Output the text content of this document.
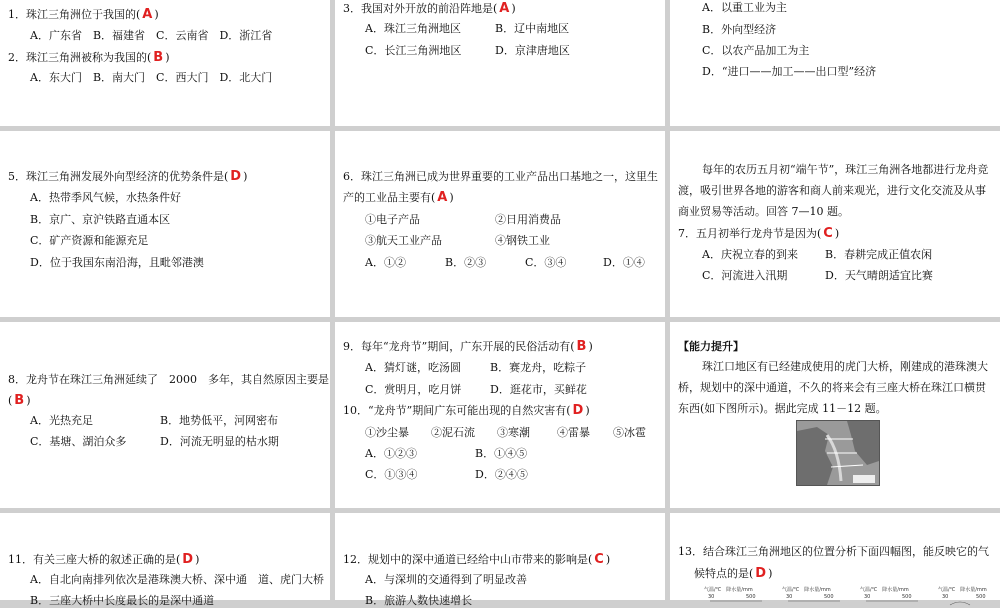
1．珠江三角洲位于我国的( A )
A．广东省　B．福建省　C．云南省　D．浙江省
2．珠江三角洲被称为我国的( B )
A．东大门　B．南大门　C．西大门　D．北大门
3．我国对外开放的前沿阵地是( A )
A．珠江三角洲地区	B．辽中南地区
C．长江三角洲地区	D．京津唐地区
A．以重工业为主
B．外向型经济
C．以农产品加工为主
D．“进口——加工——出口型”经济
5．珠江三角洲发展外向型经济的优势条件是( D )
A．热带季风气候，水热条件好
B．京广、京沪铁路直通本区
C．矿产资源和能源充足
D．位于我国东南沿海，且毗邻港澳
6．珠江三角洲已成为世界重要的工业产品出口基地之一，这里生
产的工业品主要有( A )
①电子产品	②日用消费品
③航天工业产品	④钢铁工业
A．①②	B．②③	C．③④	D．①④
每年的农历五月初“端午节”，珠江三角洲各地都进行龙舟竞渡，吸引世界各地的游客和商人前来观光，进行文化交流及从事商业贸易等活动。回答 7—10 题。
7．五月初举行龙舟节是因为( C )
A．庆祝立春的到来 B．春耕完成正值农闲
C．河流进入汛期	D．天气晴朗适宜比赛
8．龙舟节在珠江三角洲延续了　2000　多年，其自然原因主要是
( B )
A．光热充足	B．地势低平，河网密布
C．基塘、湖泊众多	D．河流无明显的枯水期
9．每年“龙舟节”期间，广东开展的民俗活动有( B )
A．猜灯谜，吃汤圆	B．赛龙舟，吃粽子
C．赏明月，吃月饼	D．逛花市，买鲜花
10．“龙舟节”期间广东可能出现的自然灾害有( D )
①沙尘暴 ②泥石流 ③寒潮 ④雷暴 ⑤冰雹
A．①②③	B．①④⑤
C．①③④	D．②④⑤
【能力提升】
珠江口地区有已经建成使用的虎门大桥，刚建成的港珠澳大桥，规划中的深中通道，不久的将来会有三座大桥在珠江口横贯东西(如下图所示)。据此完成 11－12 题。
11．有关三座大桥的叙述正确的是( D )
A．自北向南排列依次是港珠澳大桥、深中通　道、虎门大桥
B．三座大桥中长度最长的是深中通道
12．规划中的深中通道已经给中山市带来的影响是( C )
A．与深圳的交通得到了明显改善
B．旅游人数快速增长
13．结合珠江三角洲地区的位置分析下面四幅图，能反映它的气
候特点的是( D )
气温/℃　降水量/mm	气温/℃　降水量/mm	气温/℃　降水量/mm	气温/℃　降水量/mm
30	500	30	500	30	500	30	500
